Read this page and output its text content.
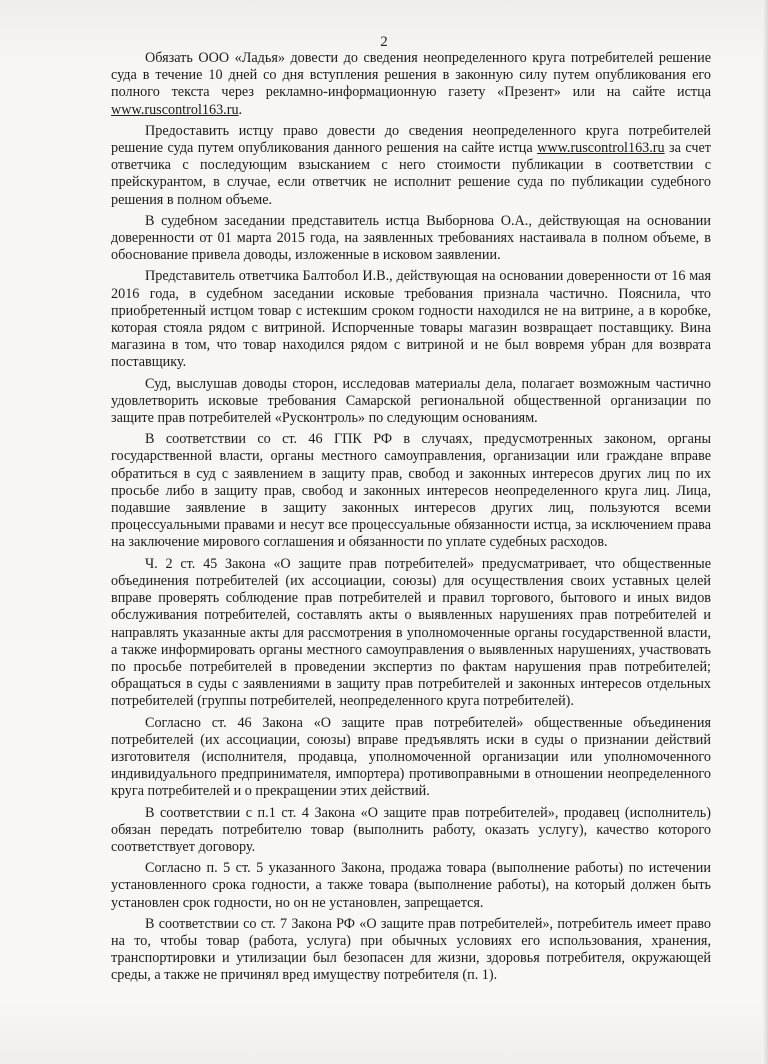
2

Обязать ООО «Ладья» довести до сведения неопределенного круга потребителей решение суда в течение 10 дней со дня вступления решения в законную силу путем опубликования его полного текста через рекламно-информационную газету «Презент» или на сайте истца www.ruscontrol163.ru.

Предоставить истцу право довести до сведения неопределенного круга потребителей решение суда путем опубликования данного решения на сайте истца www.ruscontrol163.ru за счет ответчика с последующим взысканием с него стоимости публикации в соответствии с прейскурантом, в случае, если ответчик не исполнит решение суда по публикации судебного решения в полном объеме.

В судебном заседании представитель истца Выборнова О.А., действующая на основании доверенности от 01 марта 2015 года, на заявленных требованиях настаивала в полном объеме, в обоснование привела доводы, изложенные в исковом заявлении.

Представитель ответчика Балтобол И.В., действующая на основании доверенности от 16 мая 2016 года, в судебном заседании исковые требования признала частично. Пояснила, что приобретенный истцом товар с истекшим сроком годности находился не на витрине, а в коробке, которая стояла рядом с витриной. Испорченные товары магазин возвращает поставщику. Вина магазина в том, что товар находился рядом с витриной и не был вовремя убран для возврата поставщику.

Суд, выслушав доводы сторон, исследовав материалы дела, полагает возможным частично удовлетворить исковые требования Самарской региональной общественной организации по защите прав потребителей «Русконтроль» по следующим основаниям.

В соответствии со ст. 46 ГПК РФ в случаях, предусмотренных законом, органы государственной власти, органы местного самоуправления, организации или граждане вправе обратиться в суд с заявлением в защиту прав, свобод и законных интересов других лиц по их просьбе либо в защиту прав, свобод и законных интересов неопределенного круга лиц. Лица, подавшие заявление в защиту законных интересов других лиц, пользуются всеми процессуальными правами и несут все процессуальные обязанности истца, за исключением права на заключение мирового соглашения и обязанности по уплате судебных расходов.

Ч. 2 ст. 45 Закона «О защите прав потребителей» предусматривает, что общественные объединения потребителей (их ассоциации, союзы) для осуществления своих уставных целей вправе проверять соблюдение прав потребителей и правил торгового, бытового и иных видов обслуживания потребителей, составлять акты о выявленных нарушениях прав потребителей и направлять указанные акты для рассмотрения в уполномоченные органы государственной власти, а также информировать органы местного самоуправления о выявленных нарушениях, участвовать по просьбе потребителей в проведении экспертиз по фактам нарушения прав потребителей; обращаться в суды с заявлениями в защиту прав потребителей и законных интересов отдельных потребителей (группы потребителей, неопределенного круга потребителей).

Согласно ст. 46 Закона «О защите прав потребителей» общественные объединения потребителей (их ассоциации, союзы) вправе предъявлять иски в суды о признании действий изготовителя (исполнителя, продавца, уполномоченной организации или уполномоченного индивидуального предпринимателя, импортера) противоправными в отношении неопределенного круга потребителей и о прекращении этих действий.

В соответствии с п.1 ст. 4 Закона «О защите прав потребителей», продавец (исполнитель) обязан передать потребителю товар (выполнить работу, оказать услугу), качество которого соответствует договору.

Согласно п. 5 ст. 5 указанного Закона, продажа товара (выполнение работы) по истечении установленного срока годности, а также товара (выполнение работы), на который должен быть установлен срок годности, но он не установлен, запрещается.

В соответствии со ст. 7 Закона РФ «О защите прав потребителей», потребитель имеет право на то, чтобы товар (работа, услуга) при обычных условиях его использования, хранения, транспортировки и утилизации был безопасен для жизни, здоровья потребителя, окружающей среды, а также не причинял вред имуществу потребителя (п. 1).
